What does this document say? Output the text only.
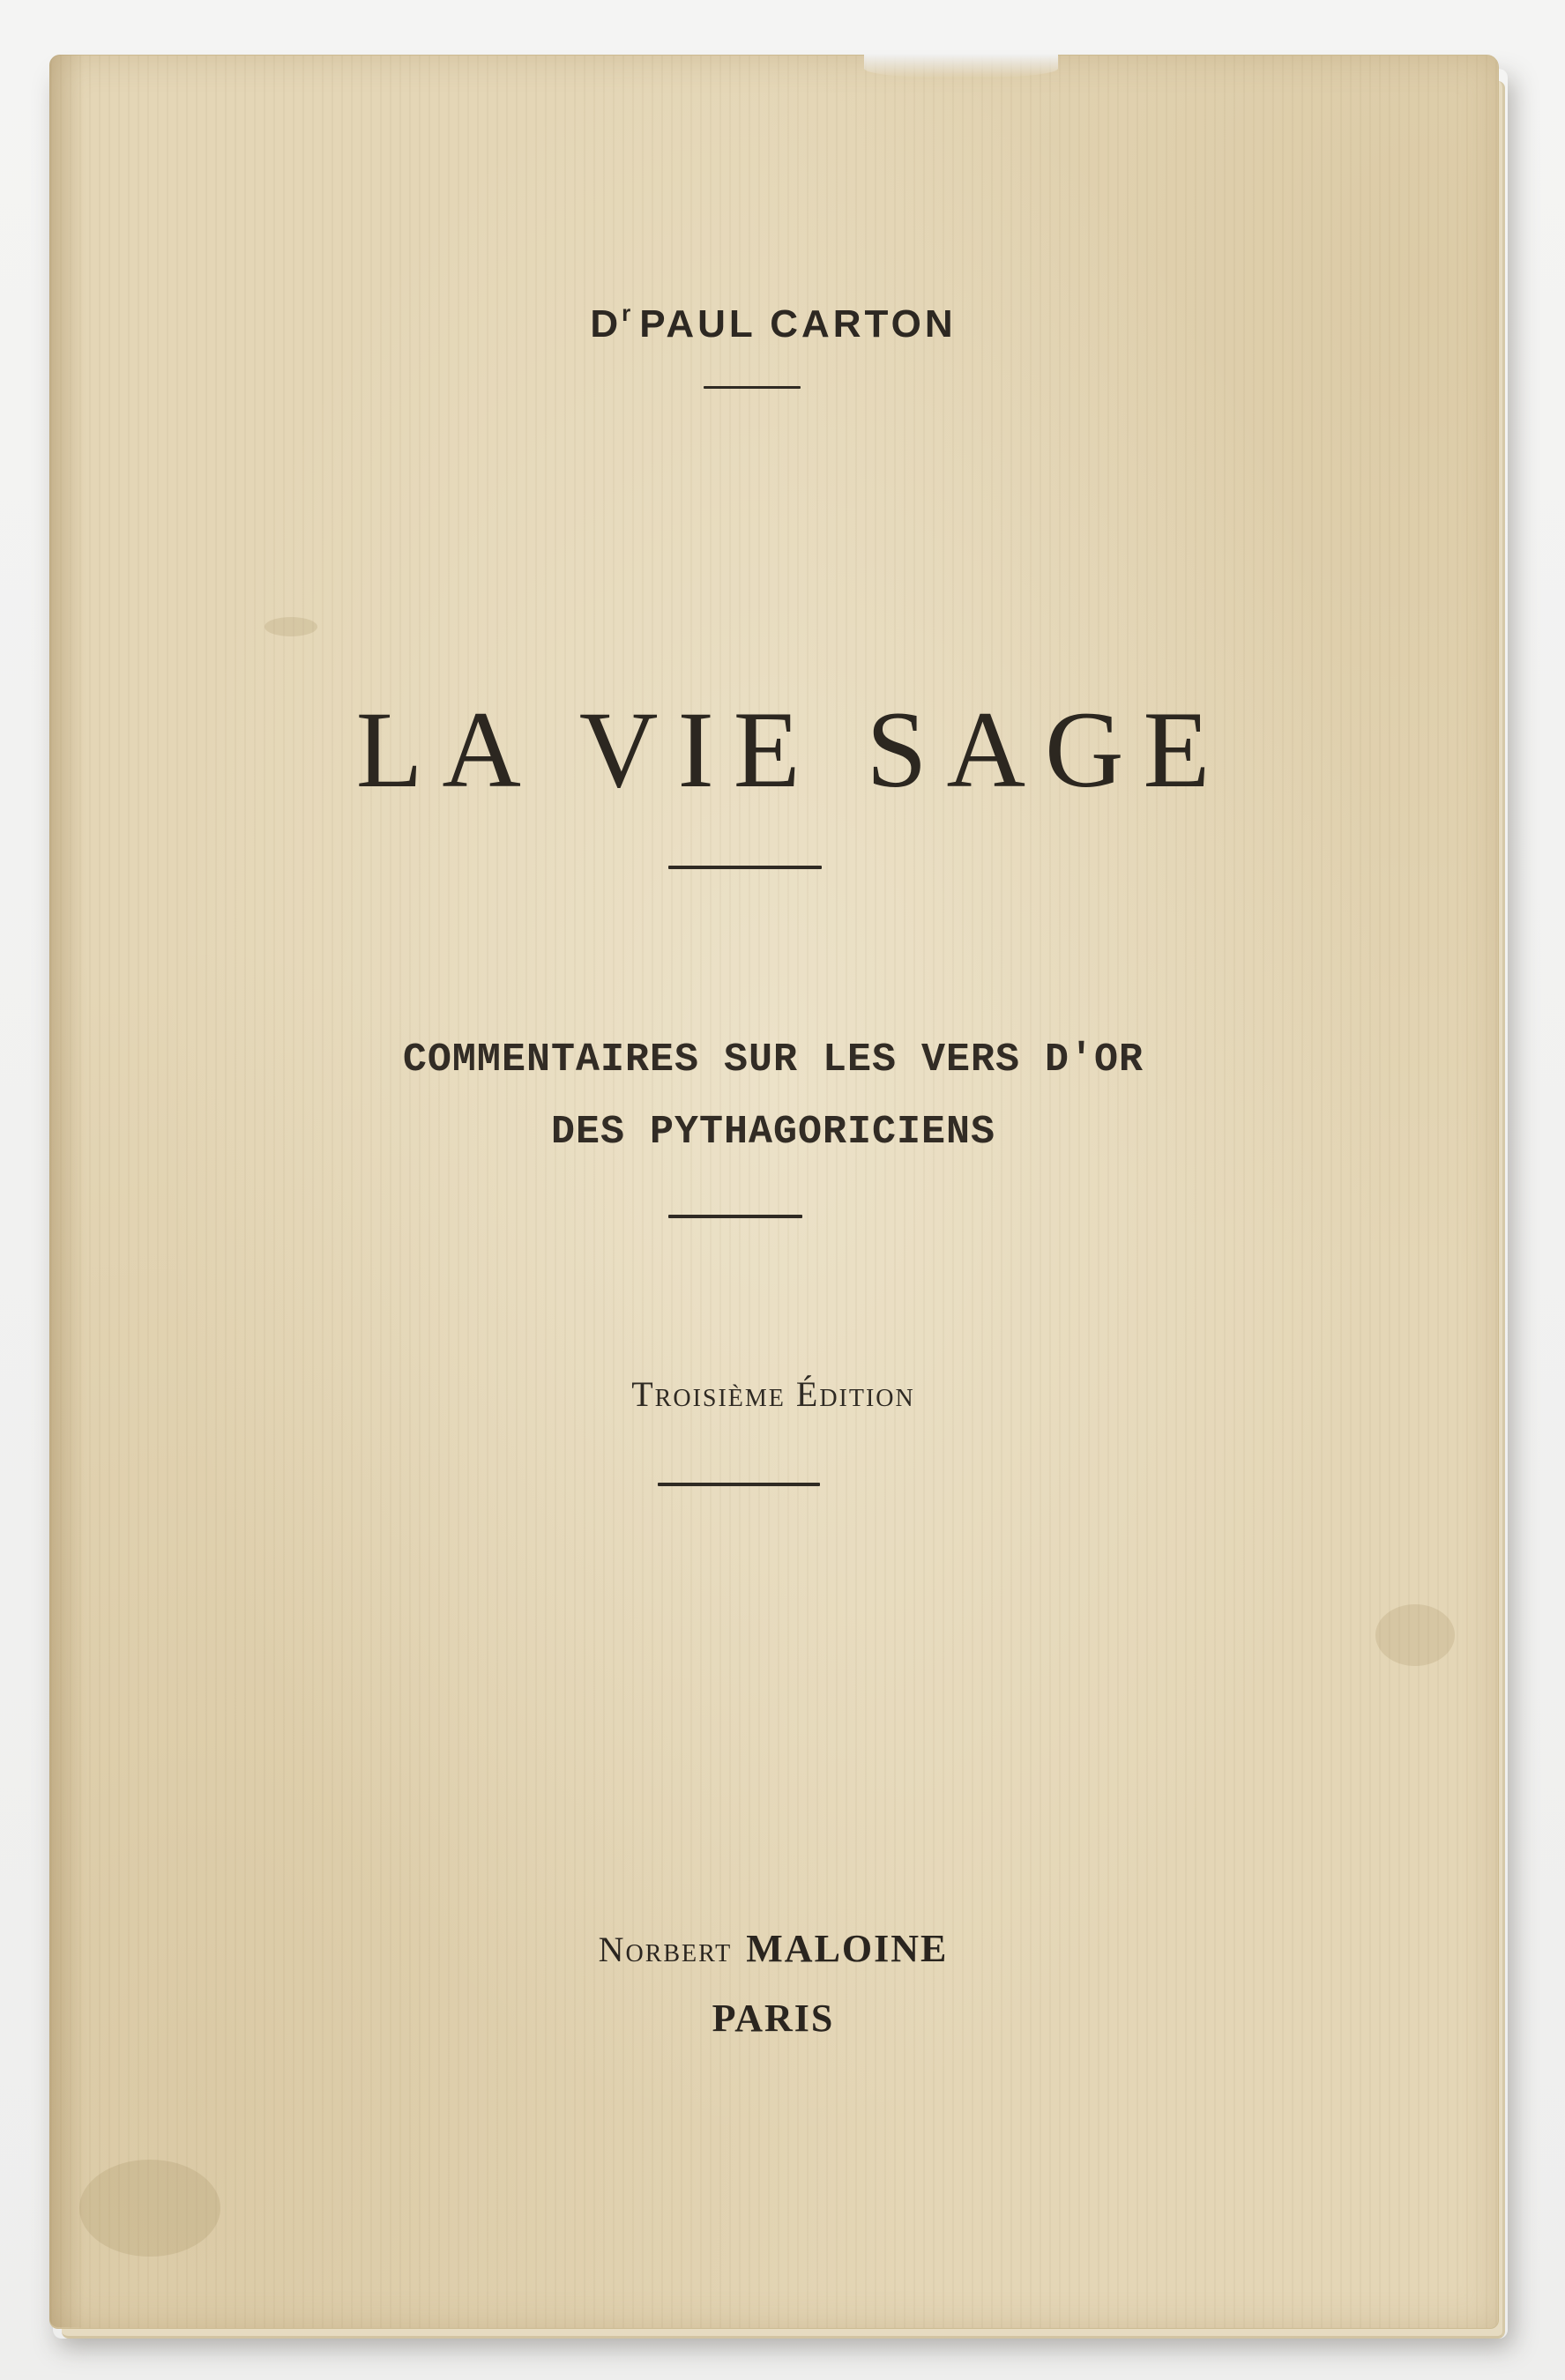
$D^r$ PAUL CARTON
LA VIE SAGE
COMMENTAIRES SUR LES VERS D'OR
DES PYTHAGORICIENS
Troisième Édition
Norbert MALOINE
PARIS
